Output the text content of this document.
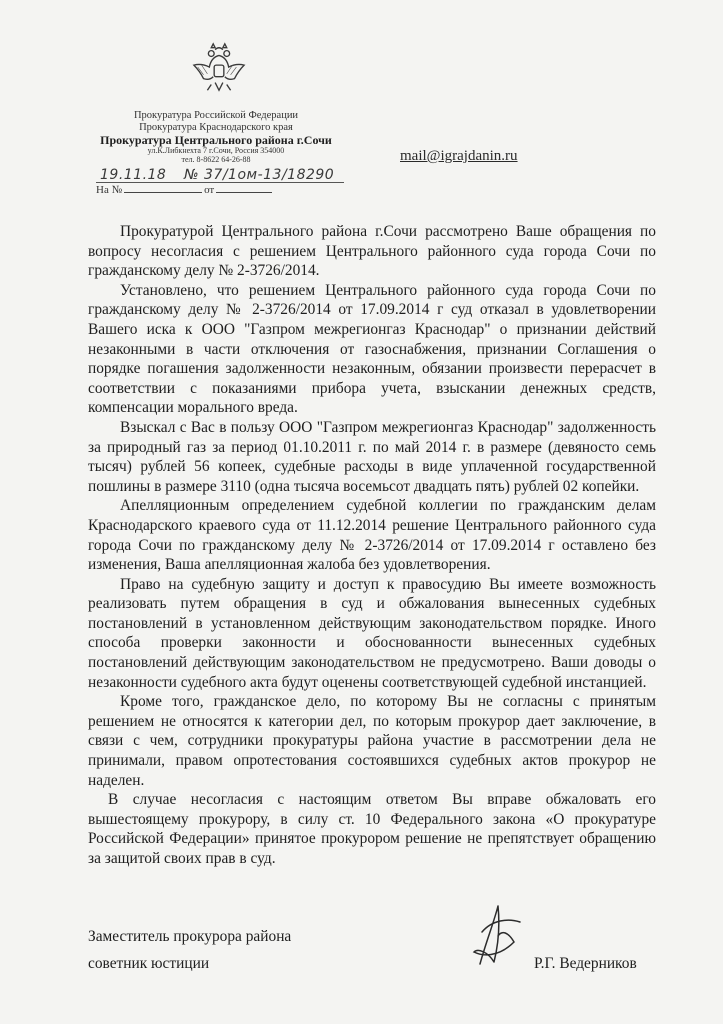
Прокуратура Российской Федерации
Прокуратура Краснодарского края
Прокуратура Центрального района г.Сочи
ул.К.Либкнехта 7 г.Сочи, Россия 354000
тел. 8-8622 64-26-88	mail@igrajdanin.ru
19.11.18 № 37/1ом-13/18290
На №	от

Прокуратурой Центрального района г.Сочи рассмотрено Ваше обращения по вопросу несогласия с решением Центрального районного суда города Сочи по гражданскому делу № 2-3726/2014.

Установлено, что решением Центрального районного суда города Сочи по гражданскому делу № 2-3726/2014 от 17.09.2014 г суд отказал в удовлетворении Вашего иска к ООО "Газпром межрегионгаз Краснодар" о признании действий незаконными в части отключения от газоснабжения, признании Соглашения о порядке погашения задолженности незаконным, обязании произвести перерасчет в соответствии с показаниями прибора учета, взыскании денежных средств, компенсации морального вреда.

Взыскал с Вас в пользу ООО "Газпром межрегионгаз Краснодар" задолженность за природный газ за период 01.10.2011 г. по май 2014 г. в размере (девяносто семь тысяч) рублей 56 копеек, судебные расходы в виде уплаченной государственной пошлины в размере 3110 (одна тысяча восемьсот двадцать пять) рублей 02 копейки.

Апелляционным определением судебной коллегии по гражданским делам Краснодарского краевого суда от 11.12.2014 решение Центрального районного суда города Сочи по гражданскому делу № 2-3726/2014 от 17.09.2014 г оставлено без изменения, Ваша апелляционная жалоба без удовлетворения.

Право на судебную защиту и доступ к правосудию Вы имеете возможность реализовать путем обращения в суд и обжалования вынесенных судебных постановлений в установленном действующим законодательством порядке. Иного способа проверки законности и обоснованности вынесенных судебных постановлений действующим законодательством не предусмотрено. Ваши доводы о незаконности судебного акта будут оценены соответствующей судебной инстанцией.

Кроме того, гражданское дело, по которому Вы не согласны с принятым решением не относятся к категории дел, по которым прокурор дает заключение, в связи с чем, сотрудники прокуратуры района участие в рассмотрении дела не принимали, правом опротестования состоявшихся судебных актов прокурор не наделен.

В случае несогласия с настоящим ответом Вы вправе обжаловать его вышестоящему прокурору, в силу ст. 10 Федерального закона «О прокуратуре Российской Федерации» принятое прокурором решение не препятствует обращению за защитой своих прав в суд.

Заместитель прокурора района
советник юстиции	Р.Г. Ведерников
